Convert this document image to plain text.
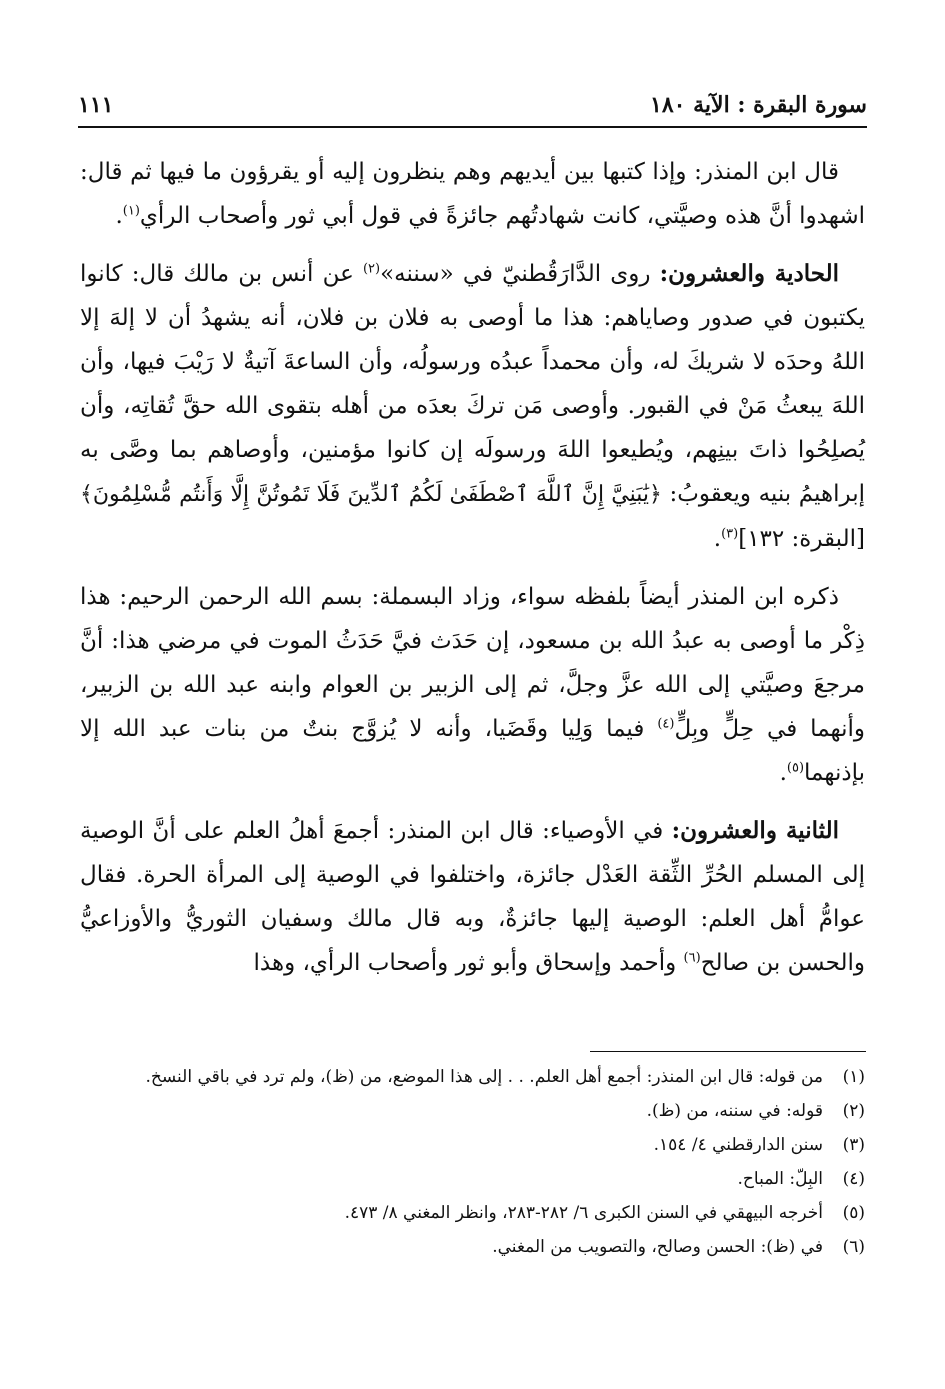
سورة البقرة : الآية ١٨٠
١١١

قال ابن المنذر: وإذا كتبها بين أيديهم وهم ينظرون إليه أو يقرؤون ما فيها ثم قال: اشهدوا أنَّ هذه وصيَّتي، كانت شهادتُهم جائزةً في قول أبي ثور وأصحاب الرأي$^{(١)}$.

الحادية والعشرون: روى الدَّارَقُطنيّ في «سننه»$^{(٢)}$ عن أنس بن مالك قال: كانوا يكتبون في صدور وصاياهم: هذا ما أوصى به فلان بن فلان، أنه يشهدُ أن لا إلهَ إلا اللهُ وحدَه لا شريكَ له، وأن محمداً عبدُه ورسولُه، وأن الساعةَ آتيةٌ لا رَيْبَ فيها، وأن اللهَ يبعثُ مَنْ في القبور. وأوصى مَن تركَ بعدَه من أهله بتقوى الله حقَّ تُقاتِه، وأن يُصلِحُوا ذاتَ بينِهم، ويُطيعوا اللهَ ورسولَه إن كانوا مؤمنين، وأوصاهم بما وصَّى به إبراهيمُ بنيه ويعقوبُ: ﴿يَٰبَنِيَّ إِنَّ ٱللَّهَ ٱصْطَفَىٰ لَكُمُ ٱلدِّينَ فَلَا تَمُوتُنَّ إِلَّا وَأَنتُم مُّسْلِمُونَ﴾ [البقرة: ١٣٢]$^{(٣)}$.

ذكره ابن المنذر أيضاً بلفظه سواء، وزاد البسملة: بسم الله الرحمن الرحيم: هذا ذِكْر ما أوصى به عبدُ الله بن مسعود، إن حَدَث فيَّ حَدَثُ الموت في مرضي هذا: أنَّ مرجعَ وصيَّتي إلى الله عزَّ وجلَّ، ثم إلى الزبير بن العوام وابنه عبد الله بن الزبير، وأنهما في حِلٍّ وبِلٍّ$^{(٤)}$ فيما وَلِيا وقَضَيا، وأنه لا يُزوَّج بنتٌ من بنات عبد الله إلا بإذنهما$^{(٥)}$.

الثانية والعشرون: في الأوصياء: قال ابن المنذر: أجمعَ أهلُ العلم على أنَّ الوصية إلى المسلم الحُرِّ الثِّقة العَدْل جائزة، واختلفوا في الوصية إلى المرأة الحرة. فقال عوامُّ أهل العلم: الوصية إليها جائزةٌ، وبه قال مالك وسفيان الثوريُّ والأوزاعيُّ والحسن بن صالح$^{(٦)}$ وأحمد وإسحاق وأبو ثور وأصحاب الرأي، وهذا

(١)
من قوله: قال ابن المنذر: أجمع أهل العلم. . . إلى هذا الموضع، من (ظ)، ولم ترد في باقي النسخ.
(٢)
قوله: في سننه، من (ظ).
(٣)
سنن الدارقطني ٤/ ١٥٤.
(٤)
البِلّ: المباح.
(٥)
أخرجه البيهقي في السنن الكبرى ٦/ ٢٨٢-٢٨٣، وانظر المغني ٨/ ٤٧٣.
(٦)
في (ظ): الحسن وصالح، والتصويب من المغني.
